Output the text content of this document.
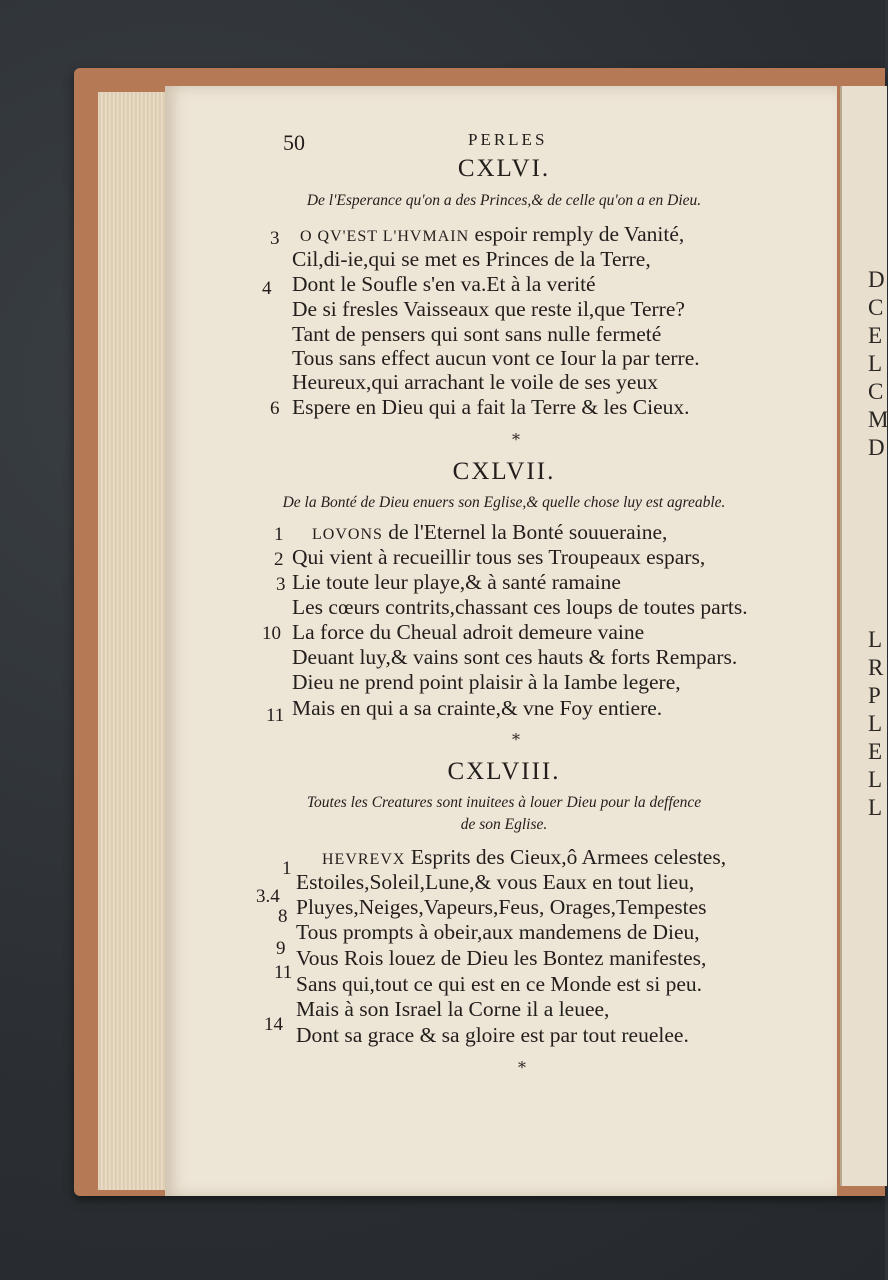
D
C
E
L
C
M
D
L
R
P
L
E
L
L
50	PERLES
CXLVI.
De l'Esperance qu'on a des Princes,& de celle qu'on a en Dieu.
3
4
6
O QV'EST L'HVMAIN espoir remply de Vanité,
Cil,di-ie,qui se met es Princes de la Terre,
Dont le Soufle s'en va.Et à la verité
De si fresles Vaisseaux que reste il,que Terre?
Tant de pensers qui sont sans nulle fermeté
Tous sans effect aucun vont ce Iour la par terre.
Heureux,qui arrachant le voile de ses yeux
Espere en Dieu qui a fait la Terre & les Cieux.
*
CXLVII.
De la Bonté de Dieu enuers son Eglise,& quelle chose luy est agreable.
1
2
3
10
11
LOVONS de l'Eternel la Bonté souueraine,
Qui vient à recueillir tous ses Troupeaux espars,
Lie toute leur playe,& à santé ramaine
Les cœurs contrits,chassant ces loups de toutes parts.
La force du Cheual adroit demeure vaine
Deuant luy,& vains sont ces hauts & forts Rempars.
Dieu ne prend point plaisir à la Iambe legere,
Mais en qui a sa crainte,& vne Foy entiere.
*
CXLVIII.
Toutes les Creatures sont inuitees à louer Dieu pour la deffence
de son Eglise.
1
3.4
8
9
11
14
HEVREVX Esprits des Cieux,ô Armees celestes,
Estoiles,Soleil,Lune,& vous Eaux en tout lieu,
Pluyes,Neiges,Vapeurs,Feus, Orages,Tempestes
Tous prompts à obeir,aux mandemens de Dieu,
Vous Rois louez de Dieu les Bontez manifestes,
Sans qui,tout ce qui est en ce Monde est si peu.
Mais à son Israel la Corne il a leuee,
Dont sa grace & sa gloire est par tout reuelee.
*
